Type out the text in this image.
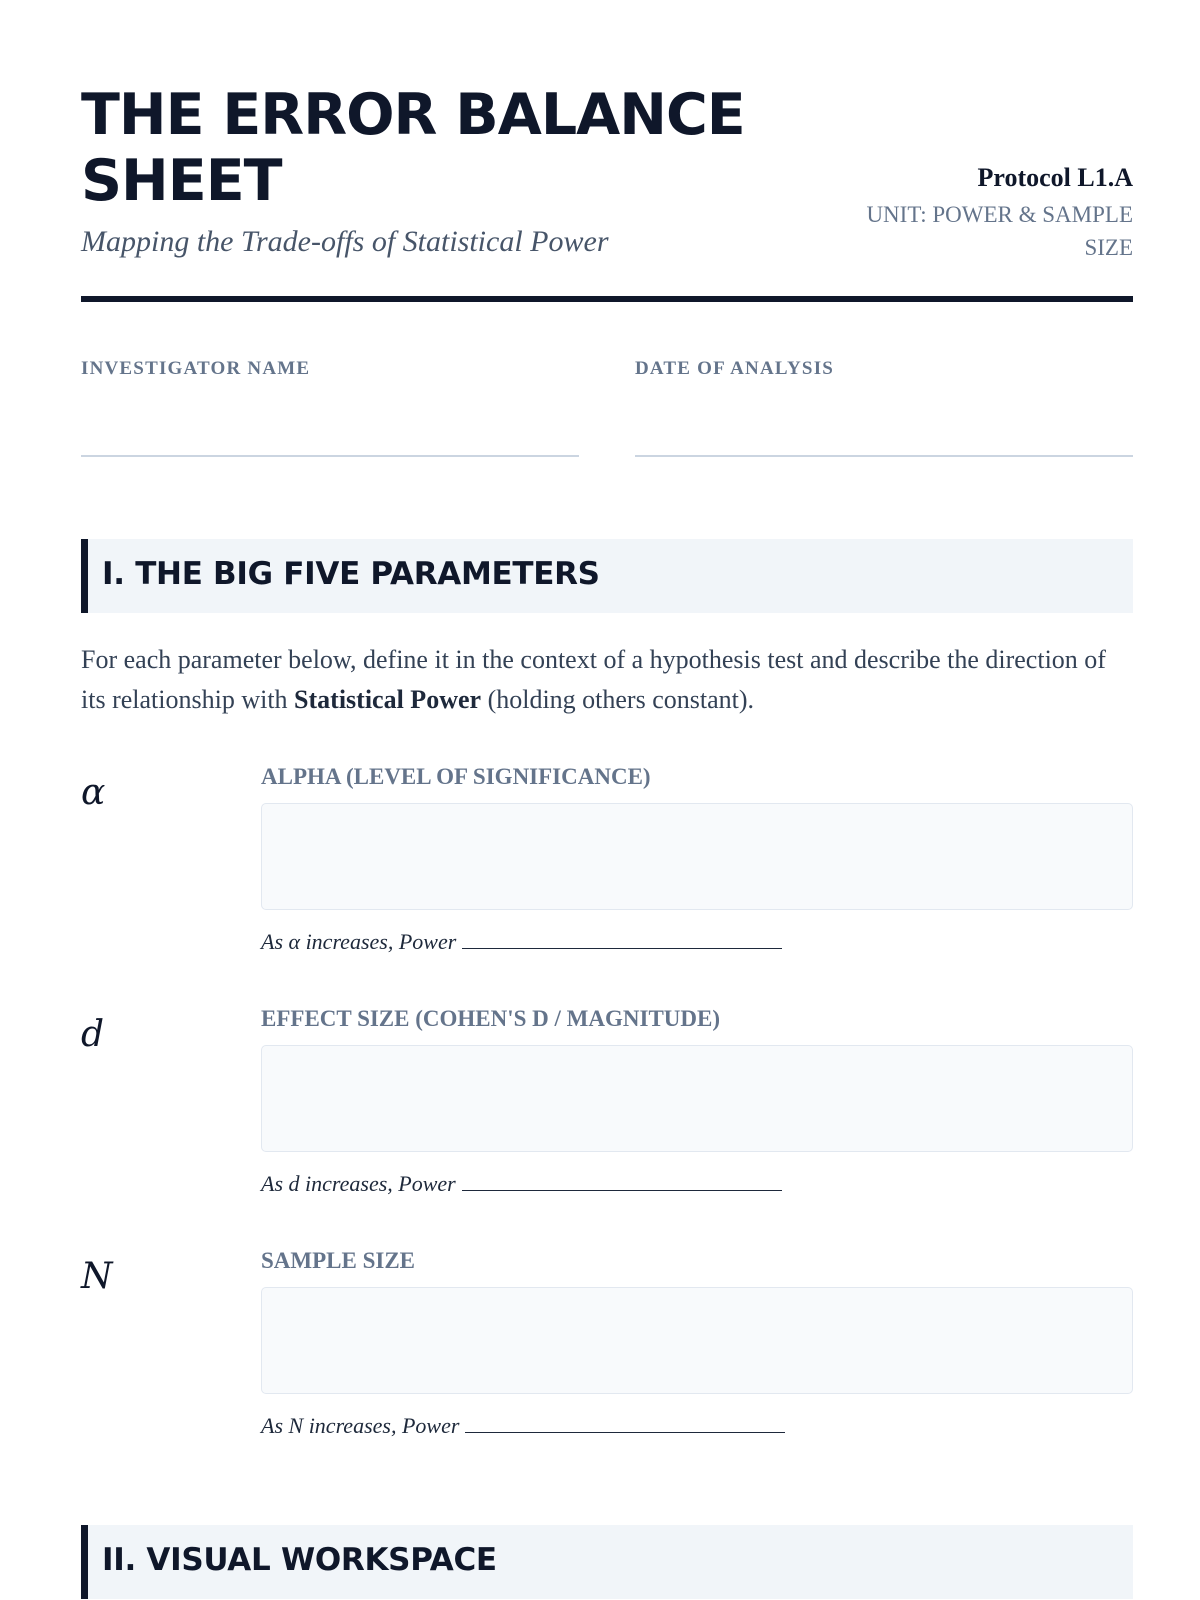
THE ERROR BALANCE
SHEET
Mapping the Trade-offs of Statistical Power
Protocol L1.A
UNIT: POWER & SAMPLE SIZE
INVESTIGATOR NAME	DATE OF ANALYSIS
I. THE BIG FIVE PARAMETERS

For each parameter below, define it in the context of a hypothesis test and describe the direction of its relationship with Statistical Power (holding others constant).

α	ALPHA (LEVEL OF SIGNIFICANCE)
As α increases, Power
d	EFFECT SIZE (COHEN'S D / MAGNITUDE)
As d increases, Power
N	SAMPLE SIZE
As N increases, Power
II. VISUAL WORKSPACE
